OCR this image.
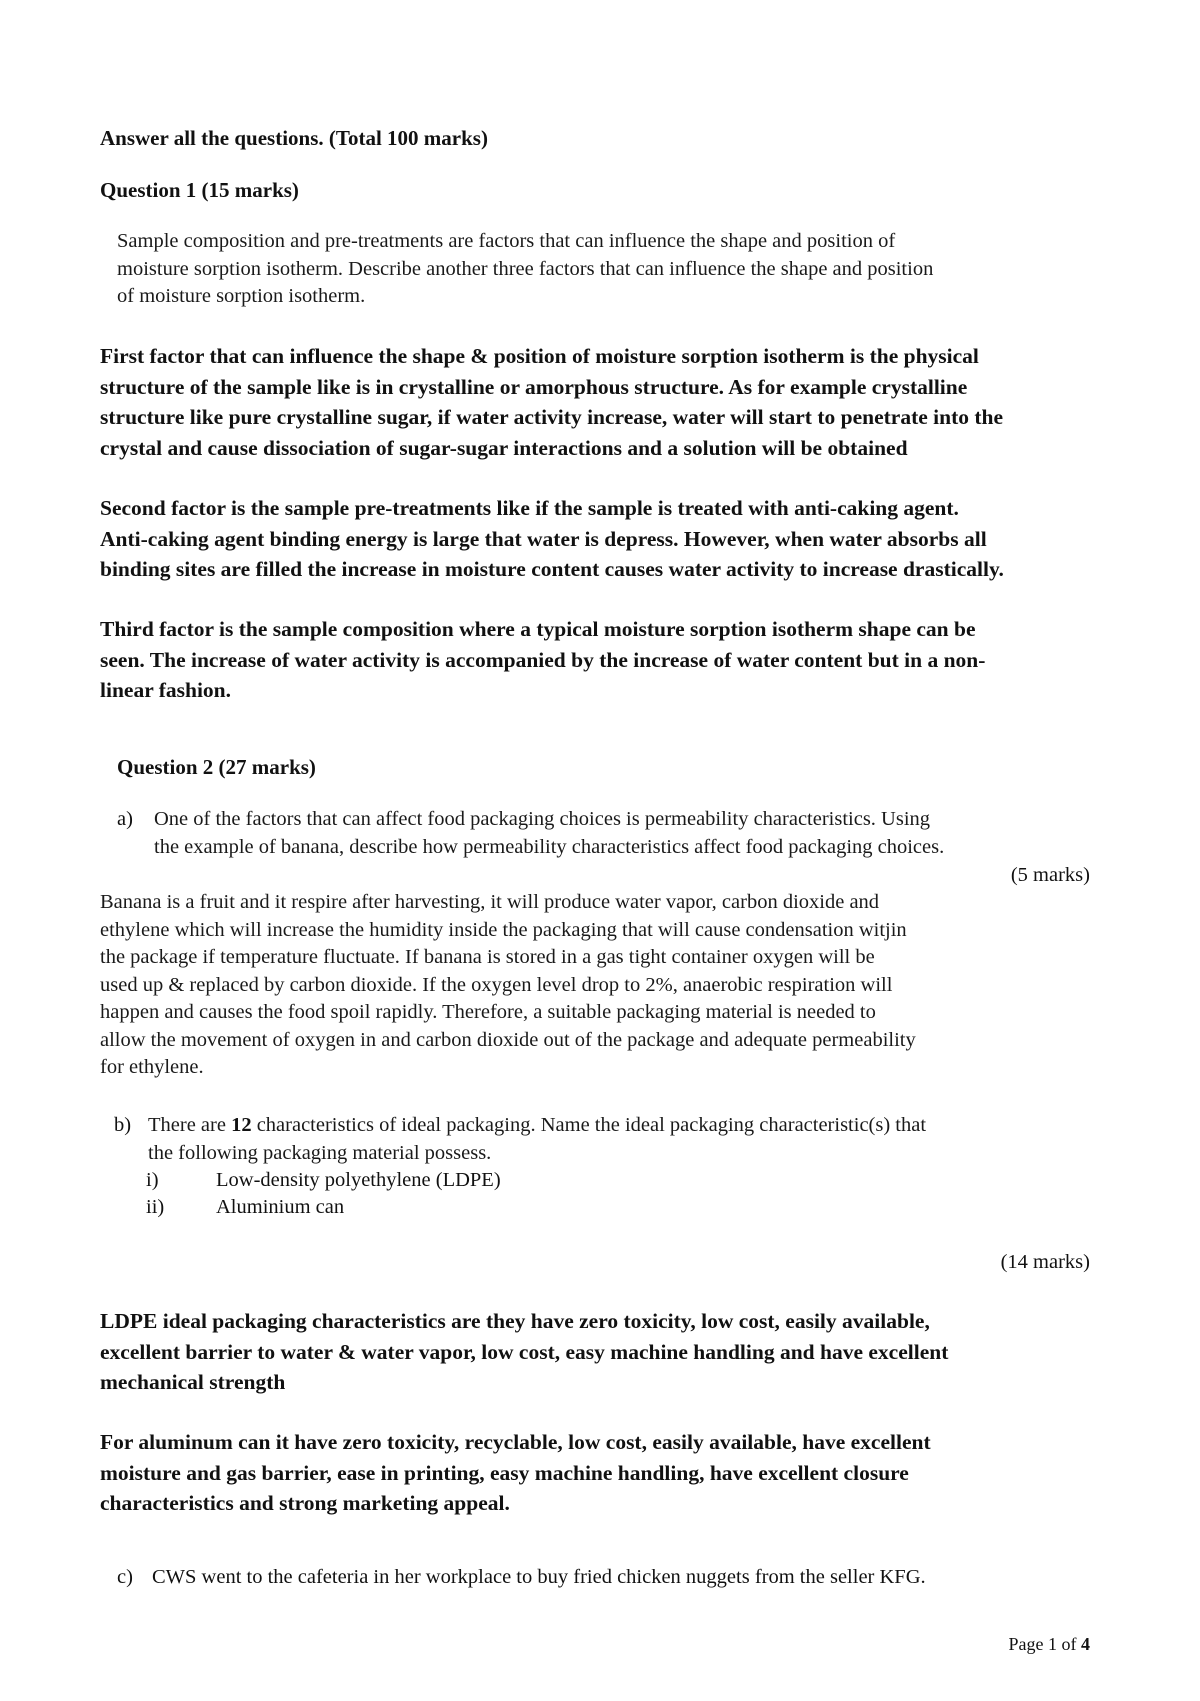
Answer all the questions. (Total 100 marks)
Question 1 (15 marks)

Sample composition and pre-treatments are factors that can influence the shape and position of

moisture sorption isotherm. Describe another three factors that can influence the shape and position

of moisture sorption isotherm.

First factor that can influence the shape & position of moisture sorption isotherm is the physical

structure of the sample like is in crystalline or amorphous structure. As for example crystalline

structure like pure crystalline sugar, if water activity increase, water will start to penetrate into the

crystal and cause dissociation of sugar-sugar interactions and a solution will be obtained

Second factor is the sample pre-treatments like if the sample is treated with anti-caking agent.

Anti-caking agent binding energy is large that water is depress. However, when water absorbs all

binding sites are filled the increase in moisture content causes water activity to increase drastically.

Third factor is the sample composition where a typical moisture sorption isotherm shape can be

seen. The increase of water activity is accompanied by the increase of water content but in a non-

linear fashion.

Question 2 (27 marks)
a) One of the factors that can affect food packaging choices is permeability characteristics. Using

the example of banana, describe how permeability characteristics affect food packaging choices.

(5 marks)

Banana is a fruit and it respire after harvesting, it will produce water vapor, carbon dioxide and

ethylene which will increase the humidity inside the packaging that will cause condensation witjin

the package if temperature fluctuate. If banana is stored in a gas tight container oxygen will be

used up & replaced by carbon dioxide. If the oxygen level drop to 2%, anaerobic respiration will

happen and causes the food spoil rapidly. Therefore, a suitable packaging material is needed to

allow the movement of oxygen in and carbon dioxide out of the package and adequate permeability

for ethylene.

b) There are 12 characteristics of ideal packaging. Name the ideal packaging characteristic(s) that

the following packaging material possess.

i)	Low-density polyethylene (LDPE)
ii)	Aluminium can
(14 marks)

LDPE ideal packaging characteristics are they have zero toxicity, low cost, easily available,

excellent barrier to water & water vapor, low cost, easy machine handling and have excellent

mechanical strength

For aluminum can it have zero toxicity, recyclable, low cost, easily available, have excellent

moisture and gas barrier, ease in printing, easy machine handling, have excellent closure

characteristics and strong marketing appeal.

c) CWS went to the cafeteria in her workplace to buy fried chicken nuggets from the seller KFG.
Page 1 of 4
